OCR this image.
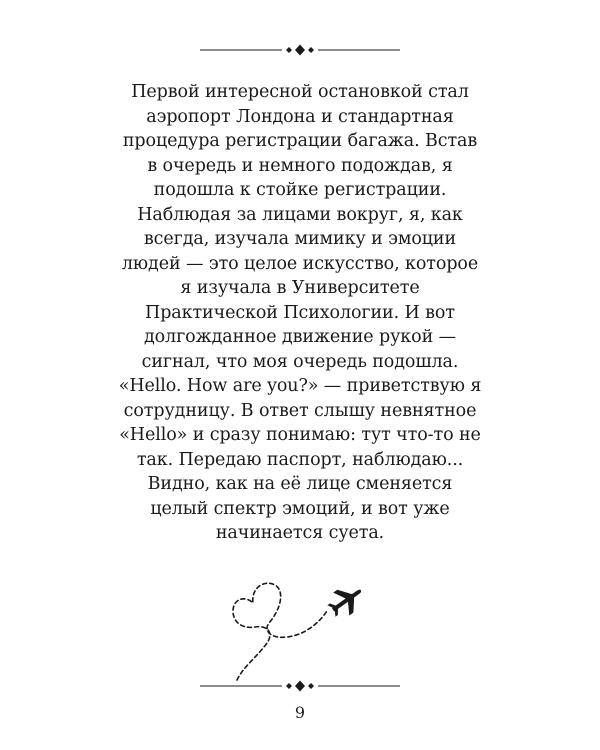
Первой интересной остановкой стал
аэропорт Лондона и стандартная
процедура регистрации багажа. Встав
в очередь и немного подождав, я
подошла к стойке регистрации.
Наблюдая за лицами вокруг, я, как
всегда, изучала мимику и эмоции
людей — это целое искусство, которое
я изучала в Университете
Практической Психологии. И вот
долгожданное движение рукой —
сигнал, что моя очередь подошла.
«Hello. How are you?» — приветствую я
сотрудницу. В ответ слышу невнятное
«Hello» и сразу понимаю: тут что-то не
так. Передаю паспорт, наблюдаю...
Видно, как на её лице сменяется
целый спектр эмоций, и вот уже
начинается суета.
9
